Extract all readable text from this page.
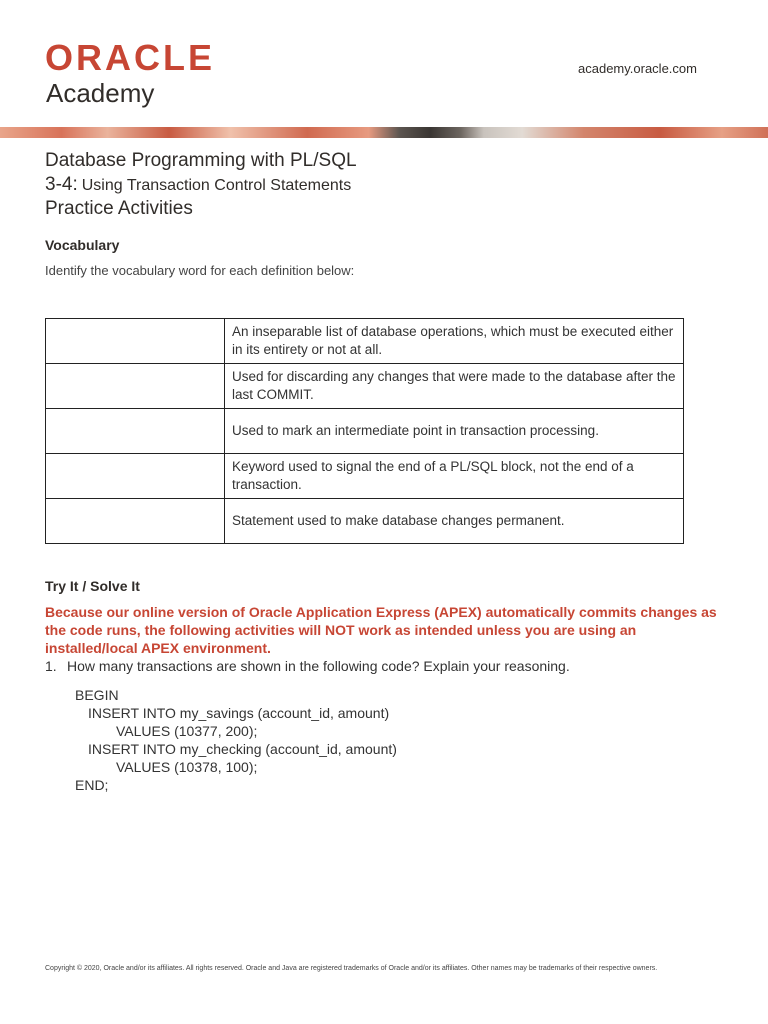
ORACLE
Academy
academy.oracle.com
Database Programming with PL/SQL
3-4: Using Transaction Control Statements
Practice Activities
Vocabulary
Identify the vocabulary word for each definition below:
	An inseparable list of database operations, which must be executed either in its entirety or not at all.
	Used for discarding any changes that were made to the database after the last COMMIT.
	Used to mark an intermediate point in transaction processing.
	Keyword used to signal the end of a PL/SQL block, not the end of a transaction.
	Statement used to make database changes permanent.
Try It / Solve It
Because our online version of Oracle Application Express (APEX) automatically commits changes as the code runs, the following activities will NOT work as intended unless you are using an installed/local APEX environment.
1. How many transactions are shown in the following code? Explain your reasoning.
BEGIN
INSERT INTO my_savings (account_id, amount)
VALUES (10377, 200);
INSERT INTO my_checking (account_id, amount)
VALUES (10378, 100);
END;
Copyright © 2020, Oracle and/or its affiliates. All rights reserved. Oracle and Java are registered trademarks of Oracle and/or its affiliates. Other names may be trademarks of their respective owners.
